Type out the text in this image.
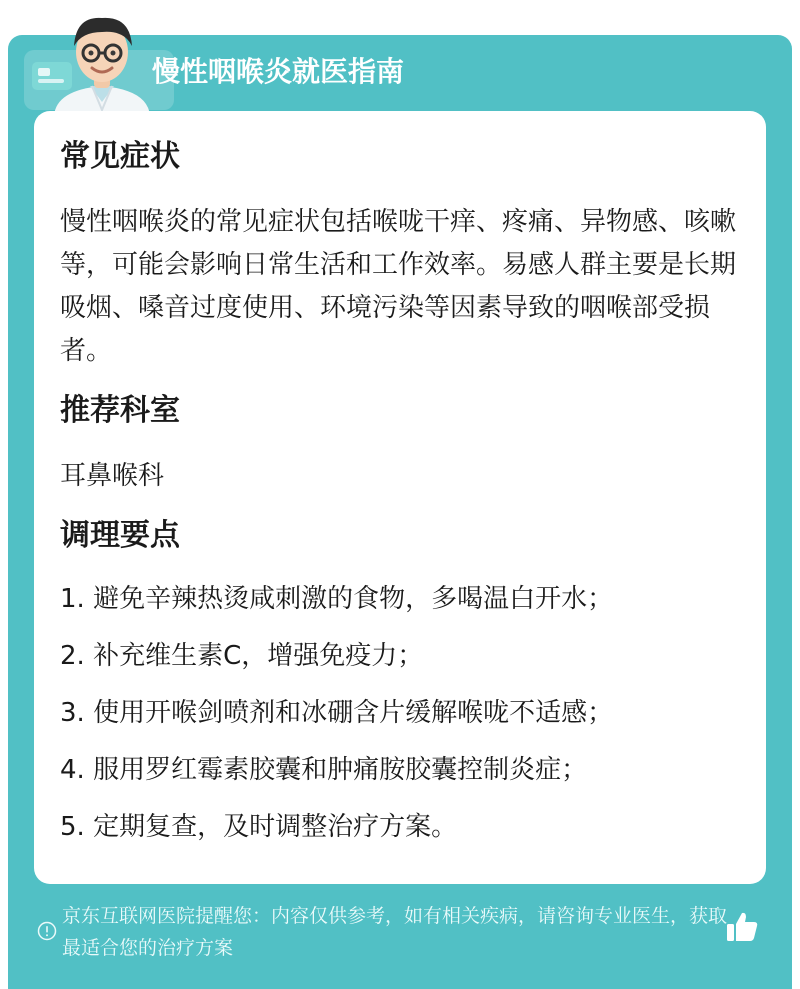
慢性咽喉炎就医指南
常见症状
慢性咽喉炎的常见症状包括喉咙干痒、疼痛、异物感、咳嗽等，可能会影响日常生活和工作效率。易感人群主要是长期吸烟、嗓音过度使用、环境污染等因素导致的咽喉部受损者。
推荐科室
耳鼻喉科
调理要点
1. 避免辛辣热烫咸刺激的食物，多喝温白开水；
2. 补充维生素C，增强免疫力；
3. 使用开喉剑喷剂和冰硼含片缓解喉咙不适感；
4. 服用罗红霉素胶囊和肿痛胺胶囊控制炎症；
5. 定期复查，及时调整治疗方案。
京东互联网医院提醒您：内容仅供参考，如有相关疾病，请咨询专业医生，获取最适合您的治疗方案
